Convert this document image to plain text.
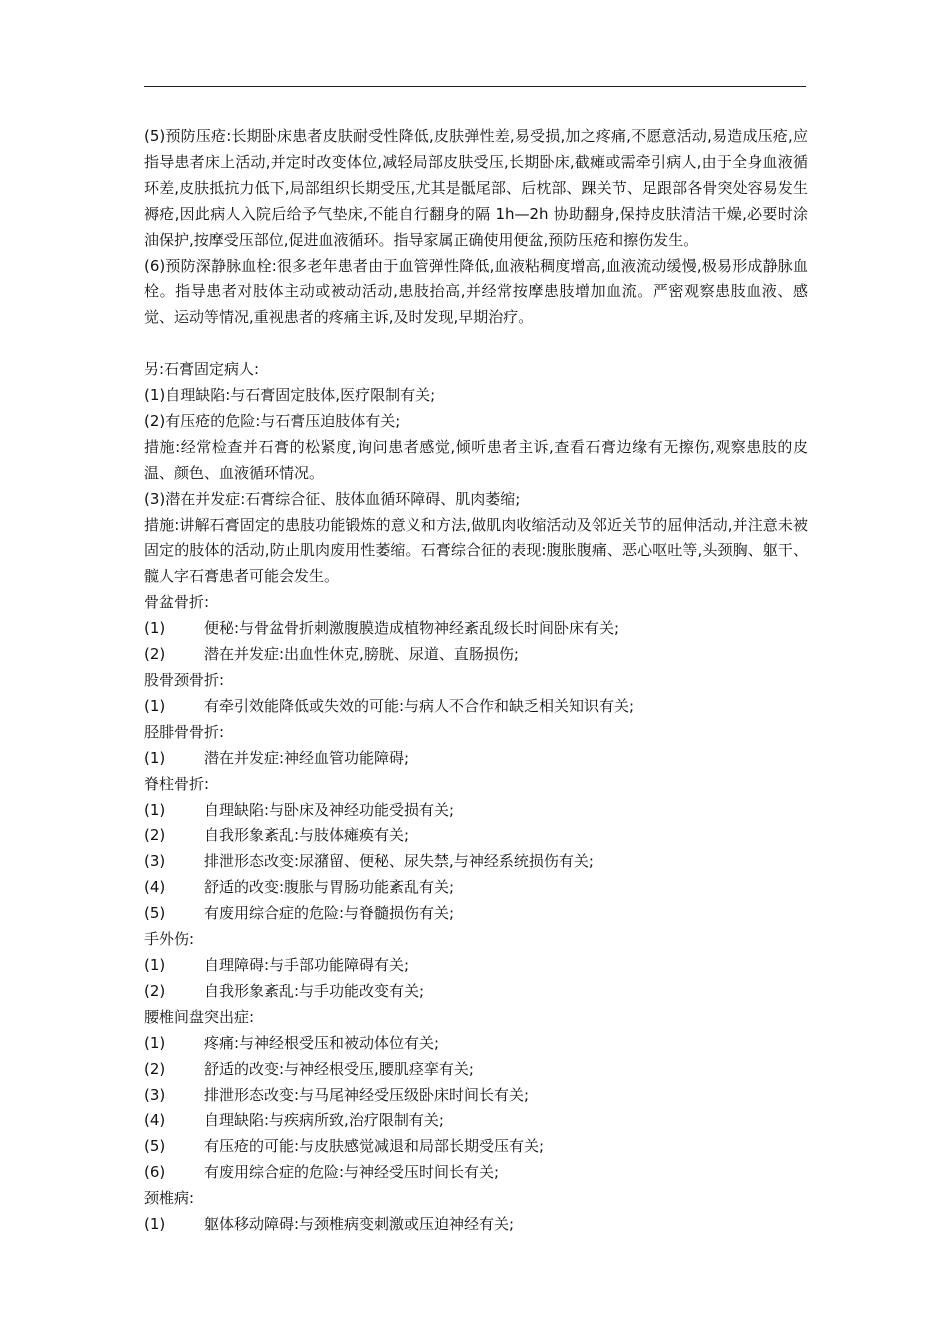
(5)预防压疮:长期卧床患者皮肤耐受性降低,皮肤弹性差,易受损,加之疼痛,不愿意活动,易造成压疮,应指导患者床上活动,并定时改变体位,减轻局部皮肤受压,长期卧床,截瘫或需牵引病人,由于全身血液循环差,皮肤抵抗力低下,局部组织长期受压,尤其是骶尾部、后枕部、踝关节、足跟部各骨突处容易发生褥疮,因此病人入院后给予气垫床,不能自行翻身的隔 1h—2h 协助翻身,保持皮肤清洁干燥,必要时涂油保护,按摩受压部位,促进血液循环。指导家属正确使用便盆,预防压疮和擦伤发生。

(6)预防深静脉血栓:很多老年患者由于血管弹性降低,血液粘稠度增高,血液流动缓慢,极易形成静脉血栓。指导患者对肢体主动或被动活动,患肢抬高,并经常按摩患肢增加血流。严密观察患肢血液、感觉、运动等情况,重视患者的疼痛主诉,及时发现,早期治疗。

另:石膏固定病人:

(1)自理缺陷:与石膏固定肢体,医疗限制有关;

(2)有压疮的危险:与石膏压迫肢体有关;

措施:经常检查并石膏的松紧度,询问患者感觉,倾听患者主诉,查看石膏边缘有无擦伤,观察患肢的皮温、颜色、血液循环情况。

(3)潜在并发症:石膏综合征、肢体血循环障碍、肌肉萎缩;

措施:讲解石膏固定的患肢功能锻炼的意义和方法,做肌肉收缩活动及邻近关节的屈伸活动,并注意未被固定的肢体的活动,防止肌肉废用性萎缩。石膏综合征的表现:腹胀腹痛、恶心呕吐等,头颈胸、躯干、髋人字石膏患者可能会发生。

骨盆骨折:

(1)	便秘:与骨盆骨折刺激腹膜造成植物神经紊乱级长时间卧床有关;

(2)	潜在并发症:出血性休克,膀胱、尿道、直肠损伤;

股骨颈骨折:

(1)	有牵引效能降低或失效的可能:与病人不合作和缺乏相关知识有关;

胫腓骨骨折:

(1)	潜在并发症:神经血管功能障碍;

脊柱骨折:

(1)	自理缺陷:与卧床及神经功能受损有关;

(2)	自我形象紊乱:与肢体瘫痪有关;

(3)	排泄形态改变:尿潴留、便秘、尿失禁,与神经系统损伤有关;

(4)	舒适的改变:腹胀与胃肠功能紊乱有关;

(5)	有废用综合症的危险:与脊髓损伤有关;

手外伤:

(1)	自理障碍:与手部功能障碍有关;

(2)	自我形象紊乱:与手功能改变有关;

腰椎间盘突出症:

(1)	疼痛:与神经根受压和被动体位有关;

(2)	舒适的改变:与神经根受压,腰肌痉挛有关;

(3)	排泄形态改变:与马尾神经受压级卧床时间长有关;

(4)	自理缺陷:与疾病所致,治疗限制有关;

(5)	有压疮的可能:与皮肤感觉减退和局部长期受压有关;

(6)	有废用综合症的危险:与神经受压时间长有关;

颈椎病:

(1)	躯体移动障碍:与颈椎病变刺激或压迫神经有关;
